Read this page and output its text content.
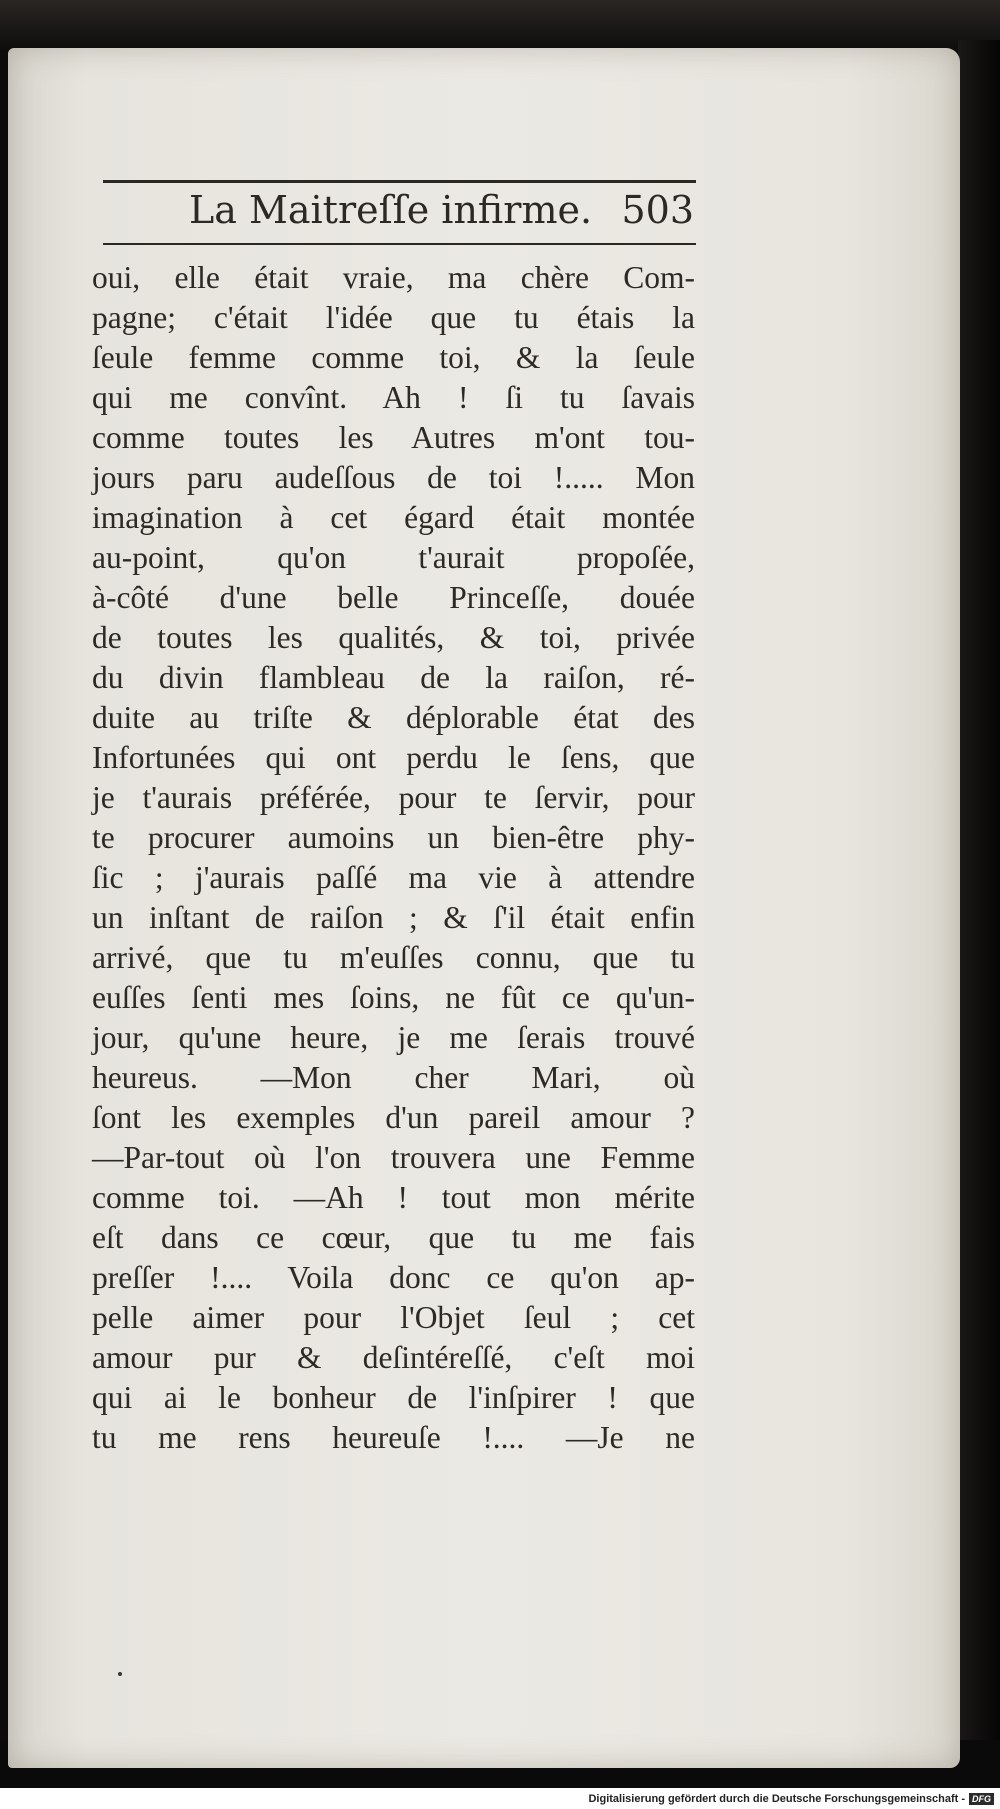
La Maitreſſe infirme. 503
oui, elle était vraie, ma chère Com-
pagne; c'était l'idée que tu étais la
ſeule femme comme toi, & la ſeule
qui me convînt. Ah ! ſi tu ſavais
comme toutes les Autres m'ont tou-
jours paru audeſſous de toi !..... Mon
imagination à cet égard était montée
au-point, qu'on t'aurait propoſée,
à-côté d'une belle Princeſſe, douée
de toutes les qualités, & toi, privée
du divin flambleau de la raiſon, ré-
duite au triſte & déplorable état des
Infortunées qui ont perdu le ſens, que
je t'aurais préférée, pour te ſervir, pour
te procurer aumoins un bien-être phy-
ſic ; j'aurais paſſé ma vie à attendre
un inſtant de raiſon ; & ſ'il était enfin
arrivé, que tu m'euſſes connu, que tu
euſſes ſenti mes ſoins, ne fût ce qu'un-
jour, qu'une heure, je me ſerais trouvé
heureus. —Mon cher Mari, où
ſont les exemples d'un pareil amour ?
—Par-tout où l'on trouvera une Femme
comme toi. —Ah ! tout mon mérite
eſt dans ce cœur, que tu me fais
preſſer !.... Voila donc ce qu'on ap-
pelle aimer pour l'Objet ſeul ; cet
amour pur & deſintéreſſé, c'eſt moi
qui ai le bonheur de l'inſpirer ! que
tu me rens heureuſe !.... —Je ne
Digitalisierung gefördert durch die Deutsche Forschungsgemeinschaft - DFG
